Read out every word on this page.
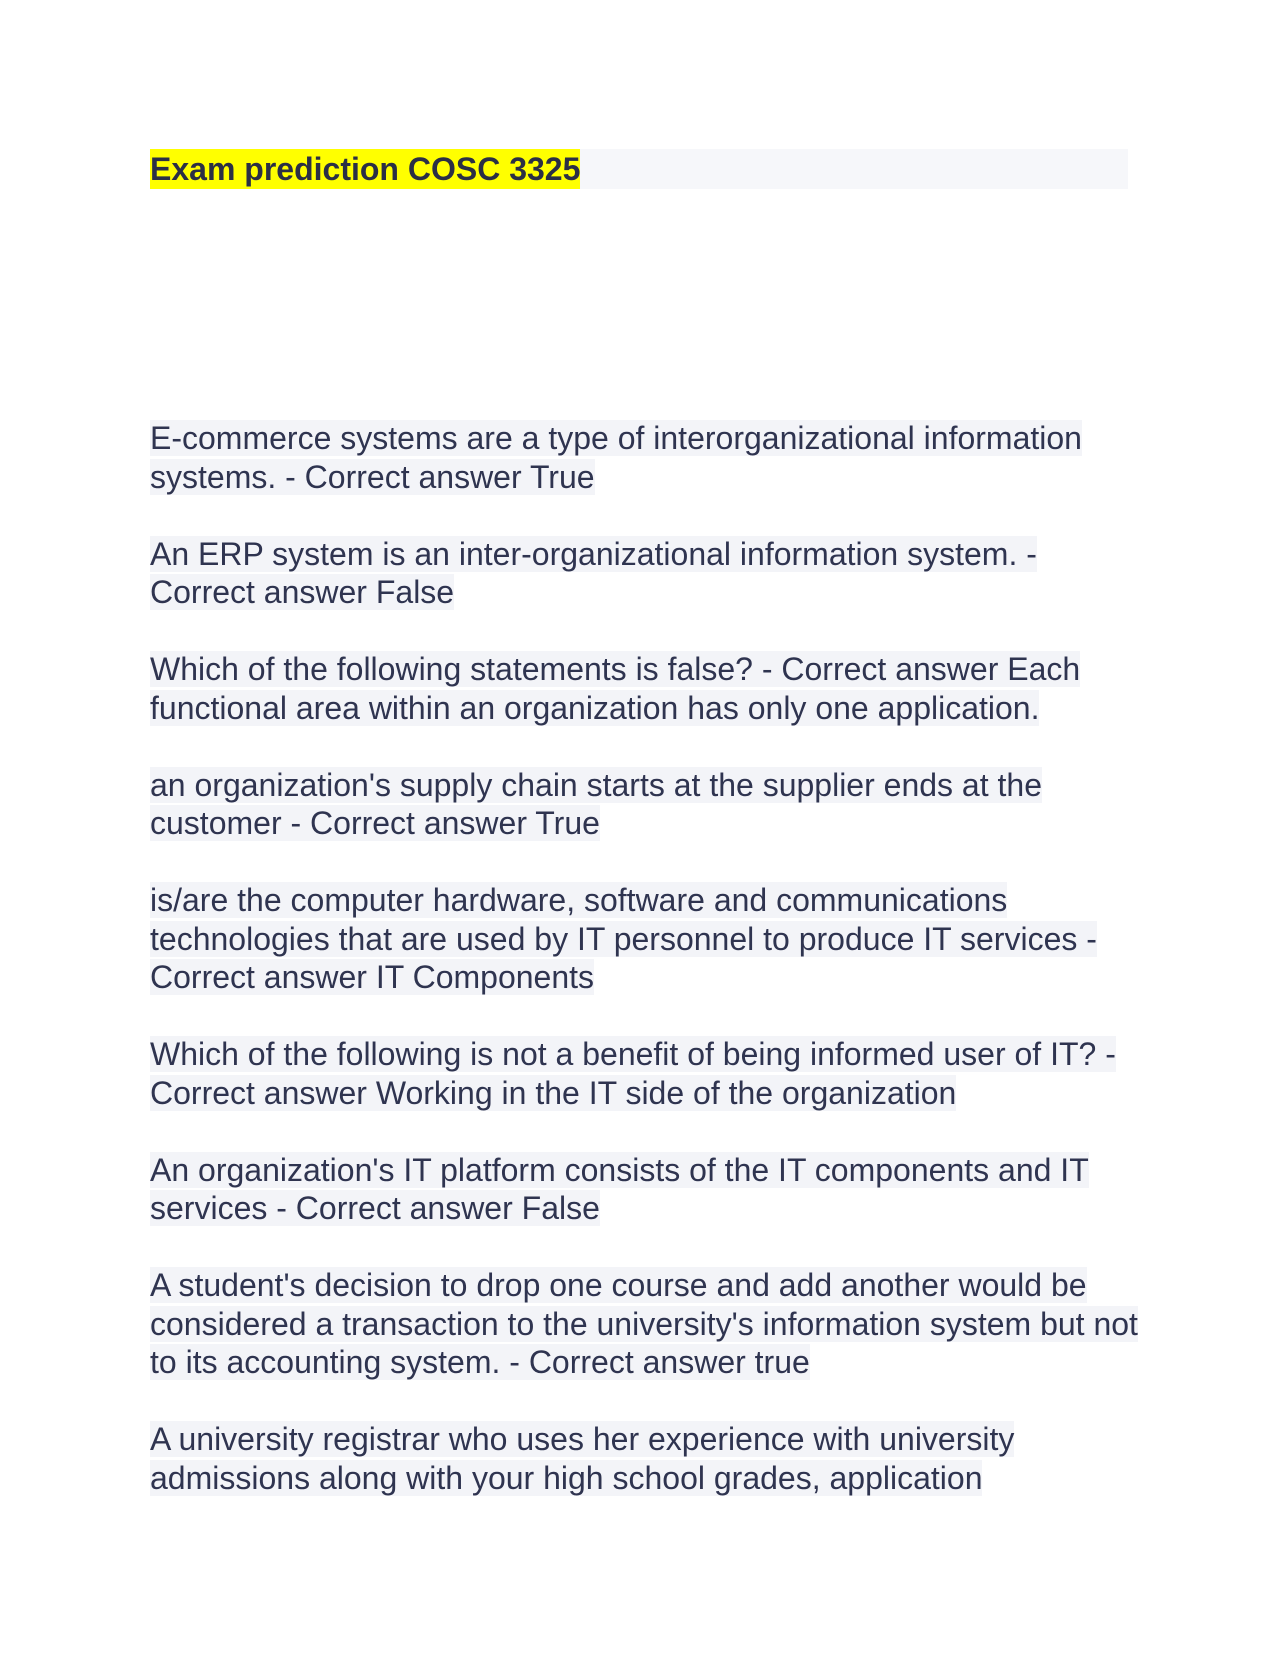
Exam prediction COSC 3325

E-commerce systems are a type of interorganizational information systems. - Correct answer True

An ERP system is an inter-organizational information system. - Correct answer False

Which of the following statements is false? - Correct answer Each functional area within an organization has only one application.

an organization's supply chain starts at the supplier ends at the customer - Correct answer True

is/are the computer hardware, software and communications technologies that are used by IT personnel to produce IT services - Correct answer IT Components

Which of the following is not a benefit of being informed user of IT? - Correct answer Working in the IT side of the organization

An organization's IT platform consists of the IT components and IT services - Correct answer False

A student's decision to drop one course and add another would be considered a transaction to the university's information system but not to its accounting system. - Correct answer true

A university registrar who uses her experience with university admissions along with your high school grades, application
